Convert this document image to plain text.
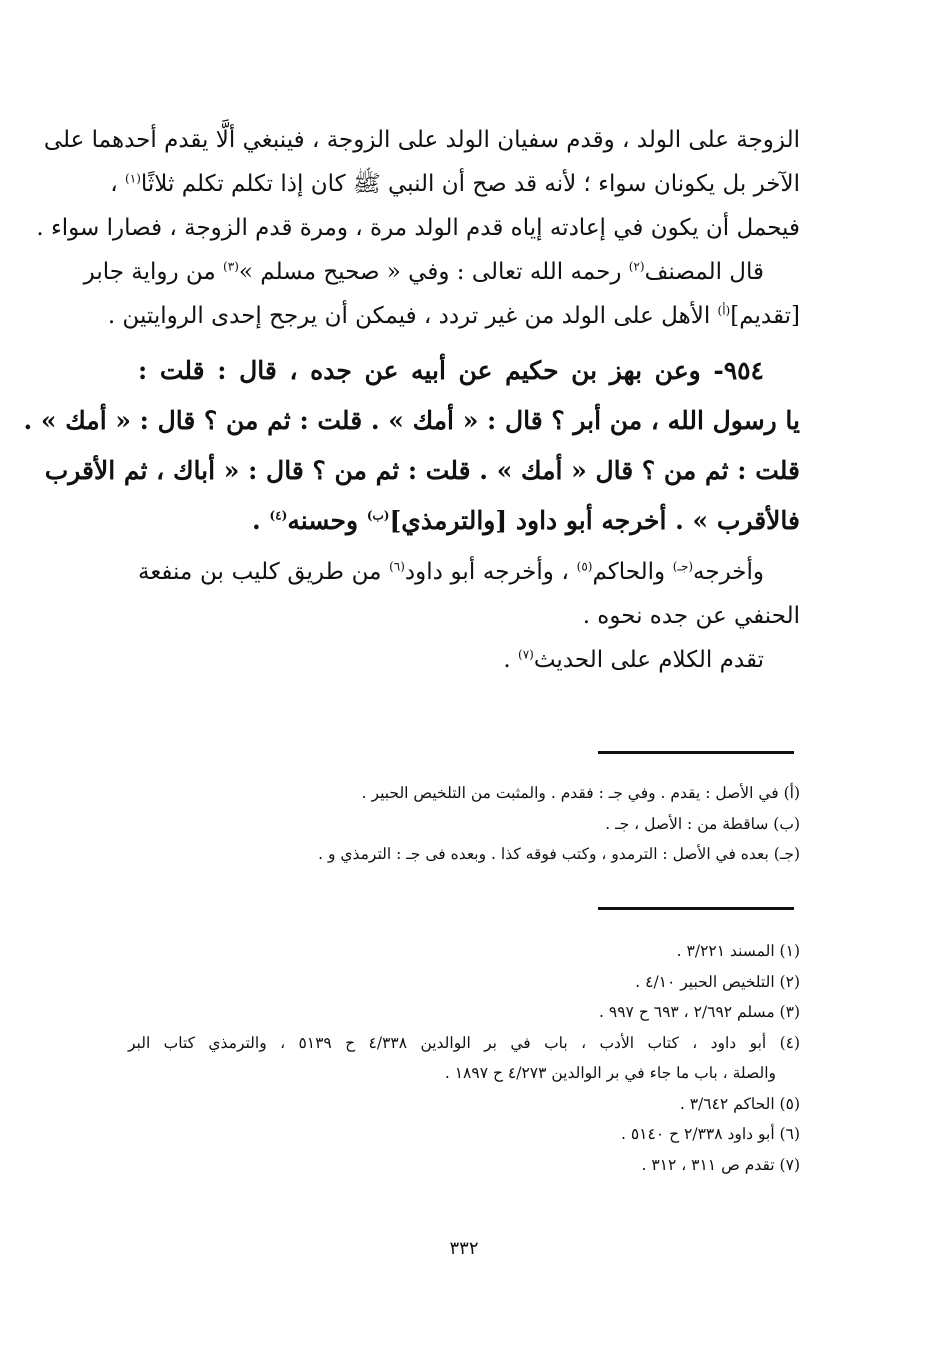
الزوجة على الولد ، وقدم سفيان الولد على الزوجة ، فينبغي ألَّا يقدم أحدهما على
الآخر بل يكونان سواء ؛ لأنه قد صح أن النبي ﷺ كان إذا تكلم تكلم ثلاثًا$^{(١)}$ ،
فيحمل أن يكون في إعادته إياه قدم الولد مرة ، ومرة قدم الزوجة ، فصارا سواء .
قال المصنف$^{(٢)}$ رحمه الله تعالى : وفي « صحيح مسلم »$^{(٣)}$ من رواية جابر
[تقديم]$^{(أ)}$ الأهل على الولد من غير تردد ، فيمكن أن يرجح إحدى الروايتين .
٩٥٤- وعن بهز بن حكيم عن أبيه عن جده ، قال : قلت :
يا رسول الله ، من أبر ؟ قال : « أمك » . قلت : ثم من ؟ قال : « أمك » .
قلت : ثم من ؟ قال « أمك » . قلت : ثم من ؟ قال : « أباك ، ثم الأقرب
فالأقرب » . أخرجه أبو داود [والترمذي]$^{(ب)}$ وحسنه$^{(٤)}$ .
وأخرجه$^{(جـ)}$ والحاكم$^{(٥)}$ ، وأخرجه أبو داود$^{(٦)}$ من طريق كليب بن منفعة
الحنفي عن جده نحوه .
تقدم الكلام على الحديث$^{(٧)}$ .
(أ) في الأصل : يقدم . وفي جـ : فقدم . والمثبت من التلخيص الحبير .
(ب) ساقطة من : الأصل ، جـ .
(جـ) بعده في الأصل : الترمدو ، وكتب فوقه كذا . وبعده فى جـ : الترمذي و .
(١) المسند ٣/٢٢١ .
(٢) التلخيص الحبير ٤/١٠ .
(٣) مسلم ٢/٦٩٢ ، ٦٩٣ ح ٩٩٧ .
(٤) أبو داود ، كتاب الأدب ، باب في بر الوالدين ٤/٣٣٨ ح ٥١٣٩ ، والترمذي كتاب البر
والصلة ، باب ما جاء في بر الوالدين ٤/٢٧٣ ح ١٨٩٧ .
(٥) الحاكم ٣/٦٤٢ .
(٦) أبو داود ٢/٣٣٨ ح ٥١٤٠ .
(٧) تقدم ص ٣١١ ، ٣١٢ .
٣٣٢
